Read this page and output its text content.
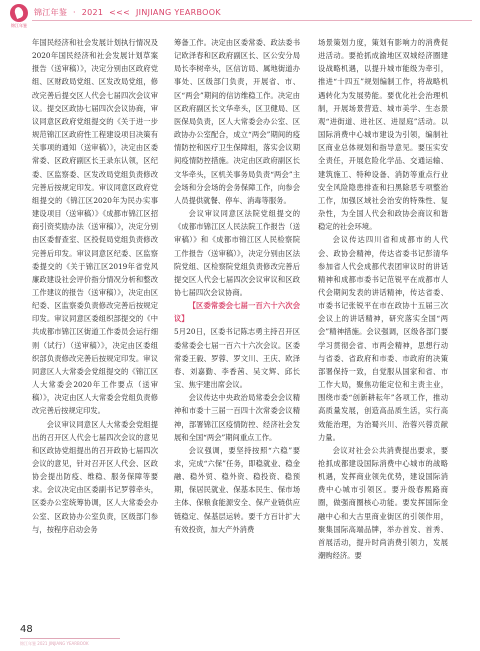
锦江年鉴
锦江年鉴 · 2021 <<< JINJIANG YEARBOOK

年国民经济和社会发展计划执行情况及2020年国民经济和社会发展计划草案报告（送审稿）》，决定分别由区政府党组、区财政局党组、区发改局党组，修改完善后提交区人代会七届四次会议审议。提交区政协七届四次会议协商，审议同意区政府党组提交的《关于进一步规范锦江区政府性工程建设项目决策有关事项的通知（送审稿）》，决定由区委常委、区政府副区长王录东认领，区纪委、区监察委、区发改局党组负责修改完善后按规定印发。审议同意区政府党组提交的《锦江区2020年为民办实事建设项目（送审稿）》《成都市锦江区招商引资奖励办法（送审稿）》，决定分别由区委督查室、区投促局党组负责修改完善后印发。审议同意区纪委、区监察委提交的《关于锦江区2019年省党风廉政建设社会评价指分情况分析和整改工作建议的报告（送审稿）》，决定由区纪委、区监察委负责修改完善后按规定印发。审议同意区委组织部提交的《中共成都市锦江区街道工作委员会运行细则（试行）（送审稿）》，决定由区委组织部负责修改完善后按规定印发。审议同意区人大常委会党组提交的《锦江区人大常委会2020年工作要点（送审稿）》，决定由区人大常委会党组负责修改完善后按规定印发。

会议审议同意区人大常委会党组提出的召开区人代会七届四次会议的意见和区政协党组提出的召开政协七届四次会议的意见，针对召开区人代会、区政协会提出防疫、维稳、服务保障等要求。会议决定由区委副书记罗蓉牵头，区委办公室统筹协调，区人大常委会办公室、区政协办公室负责，区级部门参与，按程序启动会务

筹备工作。决定由区委常委、政法委书记欧泽春和区政府副区长、区公安分局局长李树牵头，区信访局、属地街道办事处、区级部门负责，开展省、市、区“两会”期间的信访维稳工作。决定由区政府副区长文华牵头，区卫健局、区医保局负责，区人大常委会办公室、区政协办公室配合，成立“两会”期间的疫情防控和医疗卫生保障组，落实会议期间疫情防控措施。决定由区政府副区长文华牵头，区机关事务局负责“两会”主会场和分会场的会务保障工作，向参会人员提供就餐、停车、消毒等服务。

会议审议同意区法院党组提交的《成都市锦江区人民法院工作报告（送审稿）》和《成都市锦江区人民检察院工作报告（送审稿）》，决定分别由区法院党组、区检察院党组负责修改完善后提交区人代会七届四次会议审议和区政协七届四次会议协商。

【区委常委会七届一百六十六次会议】

5月20日，区委书记陈志勇主持召开区委常委会七届一百六十六次会议。区委常委王毅、罗蓉、罗文川、王庆、欧泽春、刘嘉勤、李香茜、吴文辉、邱长宝、焦宇建出席会议。

会议传达中央政治局常委会会议精神和市委十三届一百四十次常委会议精神，部署锦江区疫情防控、经济社会发展和全国“两会”期间重点工作。

会议强调，要坚持按照“六稳”要求，完成“六保”任务，即稳就业、稳金融、稳外贸、稳外资、稳投资、稳预期，保居民就业、保基本民生、保市场主体、保粮食能源安全、保产业链供应链稳定、保基层运转。要千方百计扩大有效投资，加大产外消费

场景策划力度，策划有影响力的消费促进活动。要抢抓成渝地区双城经济圈建设战略机遇，以提升城市能级为牵引，推进“十四五”规划编制工作，将战略机遇转化为发展势能。要优化社会治理机制，开展场景营造、城市美学、生态景观“进街道、进社区、进屋庭”活动。以国际消费中心城市建设为引领，编制社区商业总体规划和指导意见。要压实安全责任，开展危险化学品、交通运输、建筑施工、特种设备、消防等重点行业安全风险隐患排查和扫黑除恶专项整治工作，加强区域社会治安的特殊性、复杂性，为全国人代会和政协会商议和谐稳定的社会环境。

会议传达四川省和成都市的人代会、政协会精神，传达省委书记彭清华参加省人代会成都代表团审议时的讲话精神和成都市委书记范锐平在成都市人代会期间发表的讲话精神，传达省委、市委书记张锐平在市在政协十五届三次会议上的讲话精神，研究落实全国“两会”精神措施。会议强调，区级各部门要学习贯彻会省、市两会精神，思想行动与省委、省政府和市委、市政府的决策部署保持一致，自觉服从国家和省、市工作大局，聚焦功能定位和主责主业，围绕市委“创新耕耘年”各项工作，推动高质量发展，创造高品质生活，实行高效能治理，为治蜀兴川、治蓉兴蓉贡献力量。

会议对社会公共消费提出要求，要抢抓成都建设国际消费中心城市的战略机遇，发挥商业领先优势，建设国际消费中心城市引领区。要升级春熙路商圈，做强商圈核心功能。要发挥国际金融中心和大古里商业街区的引领作用，聚集国际高端品牌，举办首发、首秀、首展活动，提升时尚消费引领力，发展潮购经济。要

48
锦江年鉴 2021 JINJIANG YEARBOOK
